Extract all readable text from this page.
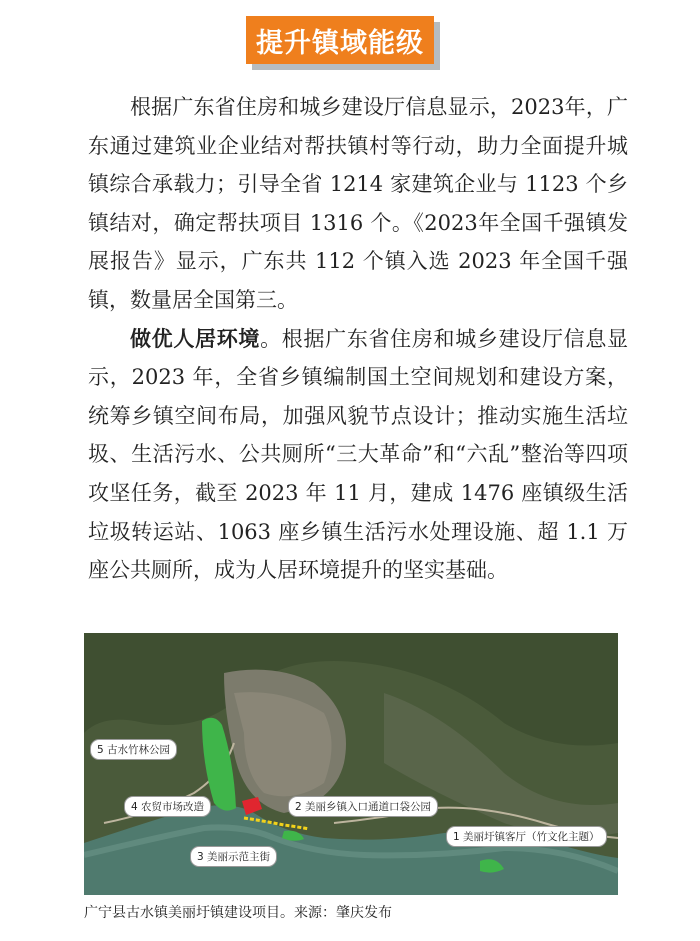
提升镇域能级

根据广东省住房和城乡建设厅信息显示，2023年，广东通过建筑业企业结对帮扶镇村等行动，助力全面提升城镇综合承载力；引导全省 1214 家建筑企业与 1123 个乡镇结对，确定帮扶项目 1316 个。《2023年全国千强镇发展报告》显示，广东共 112 个镇入选 2023 年全国千强镇，数量居全国第三。

做优人居环境。根据广东省住房和城乡建设厅信息显示，2023 年，全省乡镇编制国土空间规划和建设方案，统筹乡镇空间布局，加强风貌节点设计；推动实施生活垃圾、生活污水、公共厕所“三大革命”和“六乱”整治等四项攻坚任务，截至 2023 年 11 月，建成 1476 座镇级生活垃圾转运站、1063 座乡镇生活污水处理设施、超 1.1 万座公共厕所，成为人居环境提升的坚实基础。

5 古水竹林公园
4 农贸市场改造	2 美丽乡镇入口通道口袋公园
3 美丽示范主街
1 美丽圩镇客厅（竹文化主题）
广宁县古水镇美丽圩镇建设项目。来源：肇庆发布
